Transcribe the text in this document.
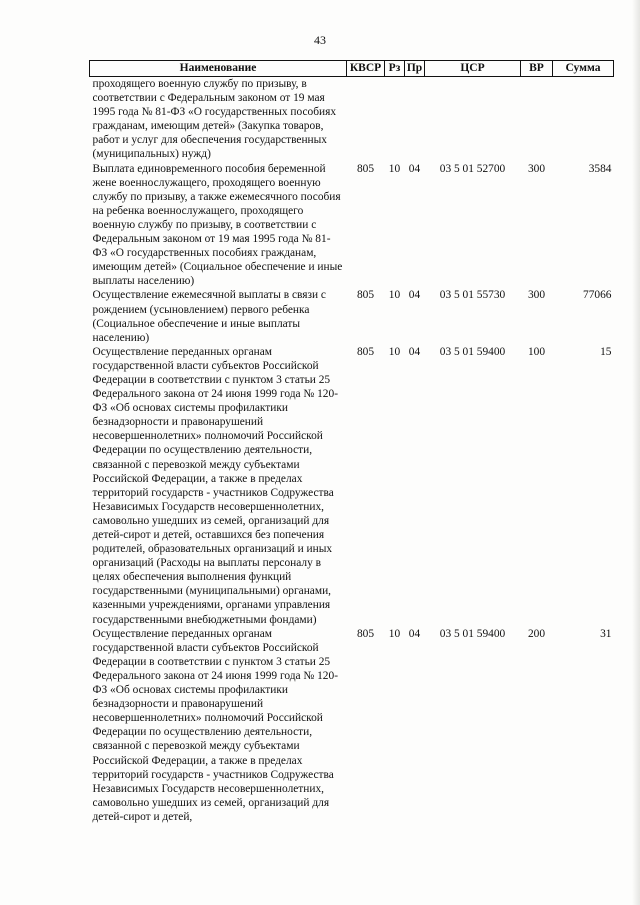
43
Наименование	КВСР	Рз	Пр	ЦСР	ВР	Сумма
проходящего военную службу по призыву, в соответствии с Федеральным законом от 19 мая 1995 года № 81-ФЗ «О государственных пособиях гражданам, имеющим детей» (Закупка товаров, работ и услуг для обеспечения государственных (муниципальных) нужд)						
Выплата единовременного пособия беременной жене военнослужащего, проходящего военную службу по призыву, а также ежемесячного пособия на ребенка военнослужащего, проходящего военную службу по призыву, в соответствии с Федеральным законом от 19 мая 1995 года № 81-ФЗ «О государственных пособиях гражданам, имеющим детей» (Социальное обеспечение и иные выплаты населению)	805	10	04	03 5 01 52700	300	3584
Осуществление ежемесячной выплаты в связи с рождением (усыновлением) первого ребенка (Социальное обеспечение и иные выплаты населению)	805	10	04	03 5 01 55730	300	77066
Осуществление переданных органам государственной власти субъектов Российской Федерации в соответствии с пунктом 3 статьи 25 Федерального закона от 24 июня 1999 года № 120-ФЗ «Об основах системы профилактики безнадзорности и правонарушений несовершеннолетних» полномочий Российской Федерации по осуществлению деятельности, связанной с перевозкой между субъектами Российской Федерации, а также в пределах территорий государств - участников Содружества Независимых Государств несовершеннолетних, самовольно ушедших из семей, организаций для детей-сирот и детей, оставшихся без попечения родителей, образовательных организаций и иных организаций (Расходы на выплаты персоналу в целях обеспечения выполнения функций государственными (муниципальными) органами, казенными учреждениями, органами управления государственными внебюджетными фондами)	805	10	04	03 5 01 59400	100	15
Осуществление переданных органам государственной власти субъектов Российской Федерации в соответствии с пунктом 3 статьи 25 Федерального закона от 24 июня 1999 года № 120-ФЗ «Об основах системы профилактики безнадзорности и правонарушений несовершеннолетних» полномочий Российской Федерации по осуществлению деятельности, связанной с перевозкой между субъектами Российской Федерации, а также в пределах территорий государств - участников Содружества Независимых Государств несовершеннолетних, самовольно ушедших из семей, организаций для детей-сирот и детей,	805	10	04	03 5 01 59400	200	31
